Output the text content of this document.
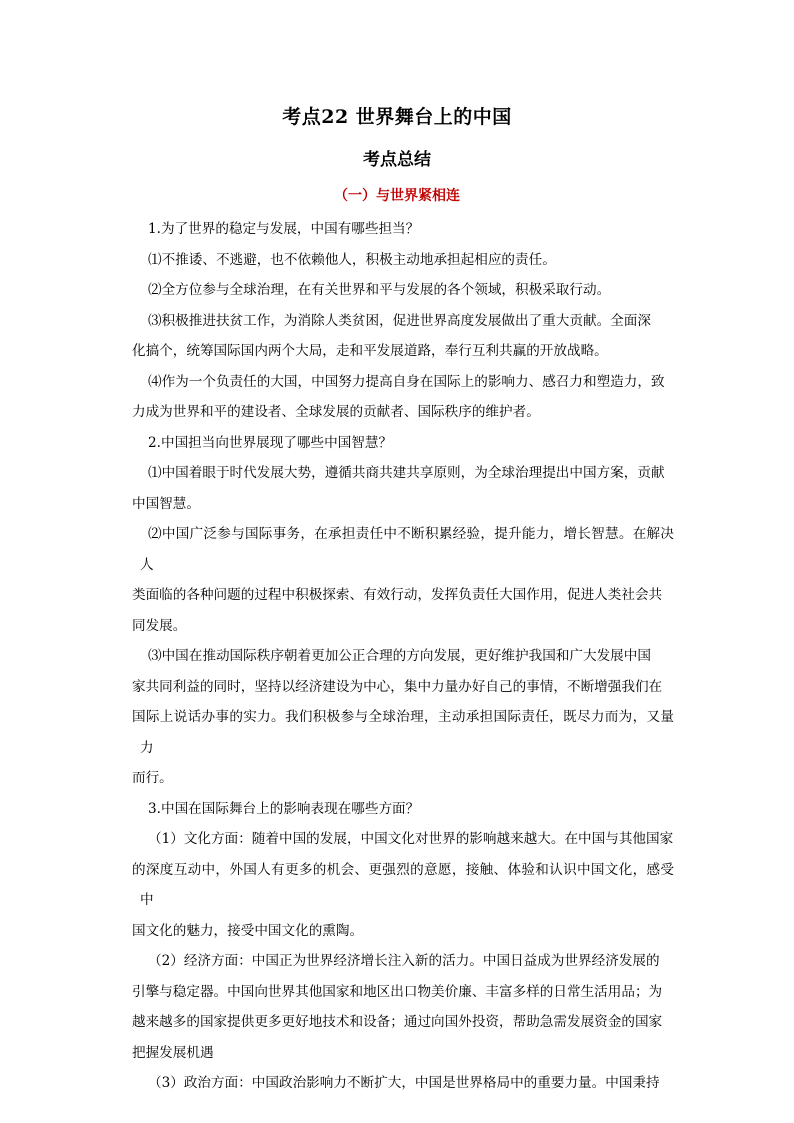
考点22 世界舞台上的中国
考点总结
（一）与世界紧相连
1.为了世界的稳定与发展，中国有哪些担当？
⑴不推诿、不逃避，也不依赖他人，积极主动地承担起相应的责任。
⑵全方位参与全球治理，在有关世界和平与发展的各个领域，积极采取行动。
⑶积极推进扶贫工作，为消除人类贫困，促进世界高度发展做出了重大贡献。全面深
化搞个，统筹国际国内两个大局，走和平发展道路，奉行互利共赢的开放战略。
⑷作为一个负责任的大国，中国努力提高自身在国际上的影响力、感召力和塑造力，致
力成为世界和平的建设者、全球发展的贡献者、国际秩序的维护者。
2.中国担当向世界展现了哪些中国智慧？
⑴中国着眼于时代发展大势，遵循共商共建共享原则，为全球治理提出中国方案，贡献
中国智慧。
⑵中国广泛参与国际事务，在承担责任中不断积累经验，提升能力，增长智慧。在解决人
类面临的各种问题的过程中积极探索、有效行动，发挥负责任大国作用，促进人类社会共
同发展。
⑶中国在推动国际秩序朝着更加公正合理的方向发展，更好维护我国和广大发展中国
家共同利益的同时，坚持以经济建设为中心，集中力量办好自己的事情，不断增强我们在
国际上说话办事的实力。我们积极参与全球治理，主动承担国际责任，既尽力而为，又量力
而行。
3.中国在国际舞台上的影响表现在哪些方面？
（1）文化方面：随着中国的发展，中国文化对世界的影响越来越大。在中国与其他国家
的深度互动中，外国人有更多的机会、更强烈的意愿，接触、体验和认识中国文化，感受中
国文化的魅力，接受中国文化的熏陶。
（2）经济方面：中国正为世界经济增长注入新的活力。中国日益成为世界经济发展的
引擎与稳定器。中国向世界其他国家和地区出口物美价廉、丰富多样的日常生活用品；为
越来越多的国家提供更多更好地技术和设备；通过向国外投资，帮助急需发展资金的国家
把握发展机遇
（3）政治方面：中国政治影响力不断扩大，中国是世界格局中的重要力量。中国秉持
